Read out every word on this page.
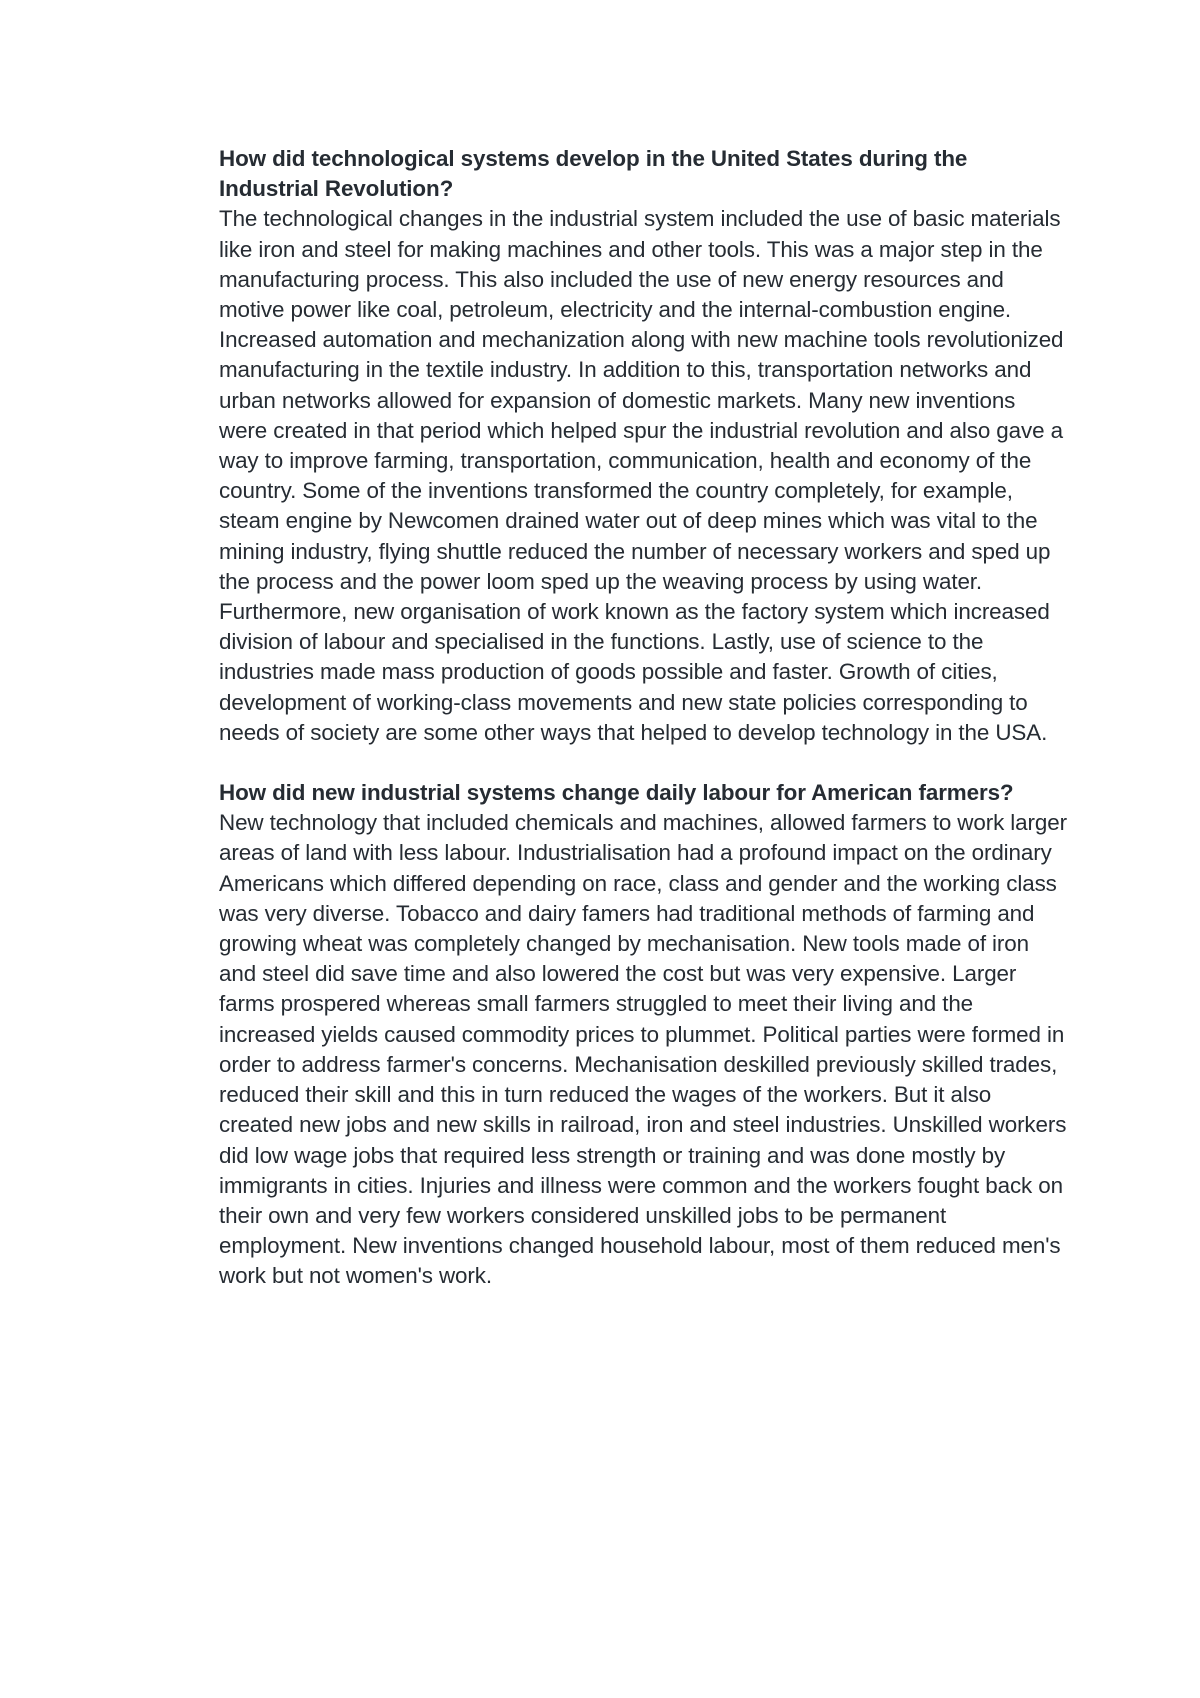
How did technological systems develop in the United States during the Industrial Revolution?

The technological changes in the industrial system included the use of basic materials like iron and steel for making machines and other tools. This was a major step in the manufacturing process. This also included the use of new energy resources and motive power like coal, petroleum, electricity and the internal-combustion engine. Increased automation and mechanization along with new machine tools revolutionized manufacturing in the textile industry. In addition to this, transportation networks and urban networks allowed for expansion of domestic markets. Many new inventions were created in that period which helped spur the industrial revolution and also gave a way to improve farming, transportation, communication, health and economy of the country. Some of the inventions transformed the country completely, for example, steam engine by Newcomen drained water out of deep mines which was vital to the mining industry, flying shuttle reduced the number of necessary workers and sped up the process and the power loom sped up the weaving process by using water. Furthermore, new organisation of work known as the factory system which increased division of labour and specialised in the functions. Lastly, use of science to the industries made mass production of goods possible and faster. Growth of cities, development of working-class movements and new state policies corresponding to needs of society are some other ways that helped to develop technology in the USA.

How did new industrial systems change daily labour for American farmers?

New technology that included chemicals and machines, allowed farmers to work larger areas of land with less labour. Industrialisation had a profound impact on the ordinary Americans which differed depending on race, class and gender and the working class was very diverse. Tobacco and dairy famers had traditional methods of farming and growing wheat was completely changed by mechanisation. New tools made of iron and steel did save time and also lowered the cost but was very expensive. Larger farms prospered whereas small farmers struggled to meet their living and the increased yields caused commodity prices to plummet. Political parties were formed in order to address farmer's concerns. Mechanisation deskilled previously skilled trades, reduced their skill and this in turn reduced the wages of the workers. But it also created new jobs and new skills in railroad, iron and steel industries. Unskilled workers did low wage jobs that required less strength or training and was done mostly by immigrants in cities. Injuries and illness were common and the workers fought back on their own and very few workers considered unskilled jobs to be permanent employment. New inventions changed household labour, most of them reduced men's work but not women's work.
